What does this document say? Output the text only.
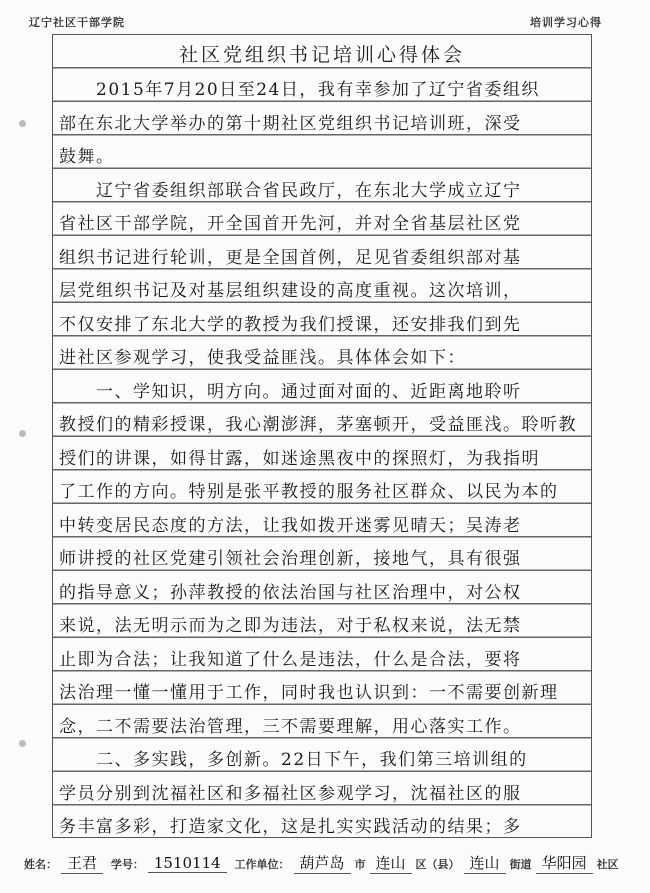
辽宁社区干部学院	培训学习心得
社区党组织书记培训心得体会
　　2015年7月20日至24日，我有幸参加了辽宁省委组织
部在东北大学举办的第十期社区党组织书记培训班，深受
鼓舞。
　　辽宁省委组织部联合省民政厅，在东北大学成立辽宁
省社区干部学院，开全国首开先河，并对全省基层社区党
组织书记进行轮训，更是全国首例，足见省委组织部对基
层党组织书记及对基层组织建设的高度重视。这次培训，
不仅安排了东北大学的教授为我们授课，还安排我们到先
进社区参观学习，使我受益匪浅。具体体会如下：
　　一、学知识，明方向。通过面对面的、近距离地聆听
教授们的精彩授课，我心潮澎湃，茅塞顿开，受益匪浅。聆听教
授们的讲课，如得甘露，如迷途黑夜中的探照灯，为我指明
了工作的方向。特别是张平教授的服务社区群众、以民为本的
中转变居民态度的方法，让我如拨开迷雾见晴天；吴涛老
师讲授的社区党建引领社会治理创新，接地气，具有很强
的指导意义；孙萍教授的依法治国与社区治理中，对公权
来说，法无明示而为之即为违法，对于私权来说，法无禁
止即为合法；让我知道了什么是违法，什么是合法，要将
法治理一懂一懂用于工作，同时我也认识到：一不需要创新理
念，二不需要法治管理，三不需要理解，用心落实工作。
　　二、多实践，多创新。22日下午，我们第三培训组的
学员分别到沈福社区和多福社区参观学习，沈福社区的服
务丰富多彩，打造家文化，这是扎实实践活动的结果；多
姓名： 王君 学号： 1510114 工作单位： 葫芦岛 市 连山 区（县） 连山 街道 华阳园 社区
